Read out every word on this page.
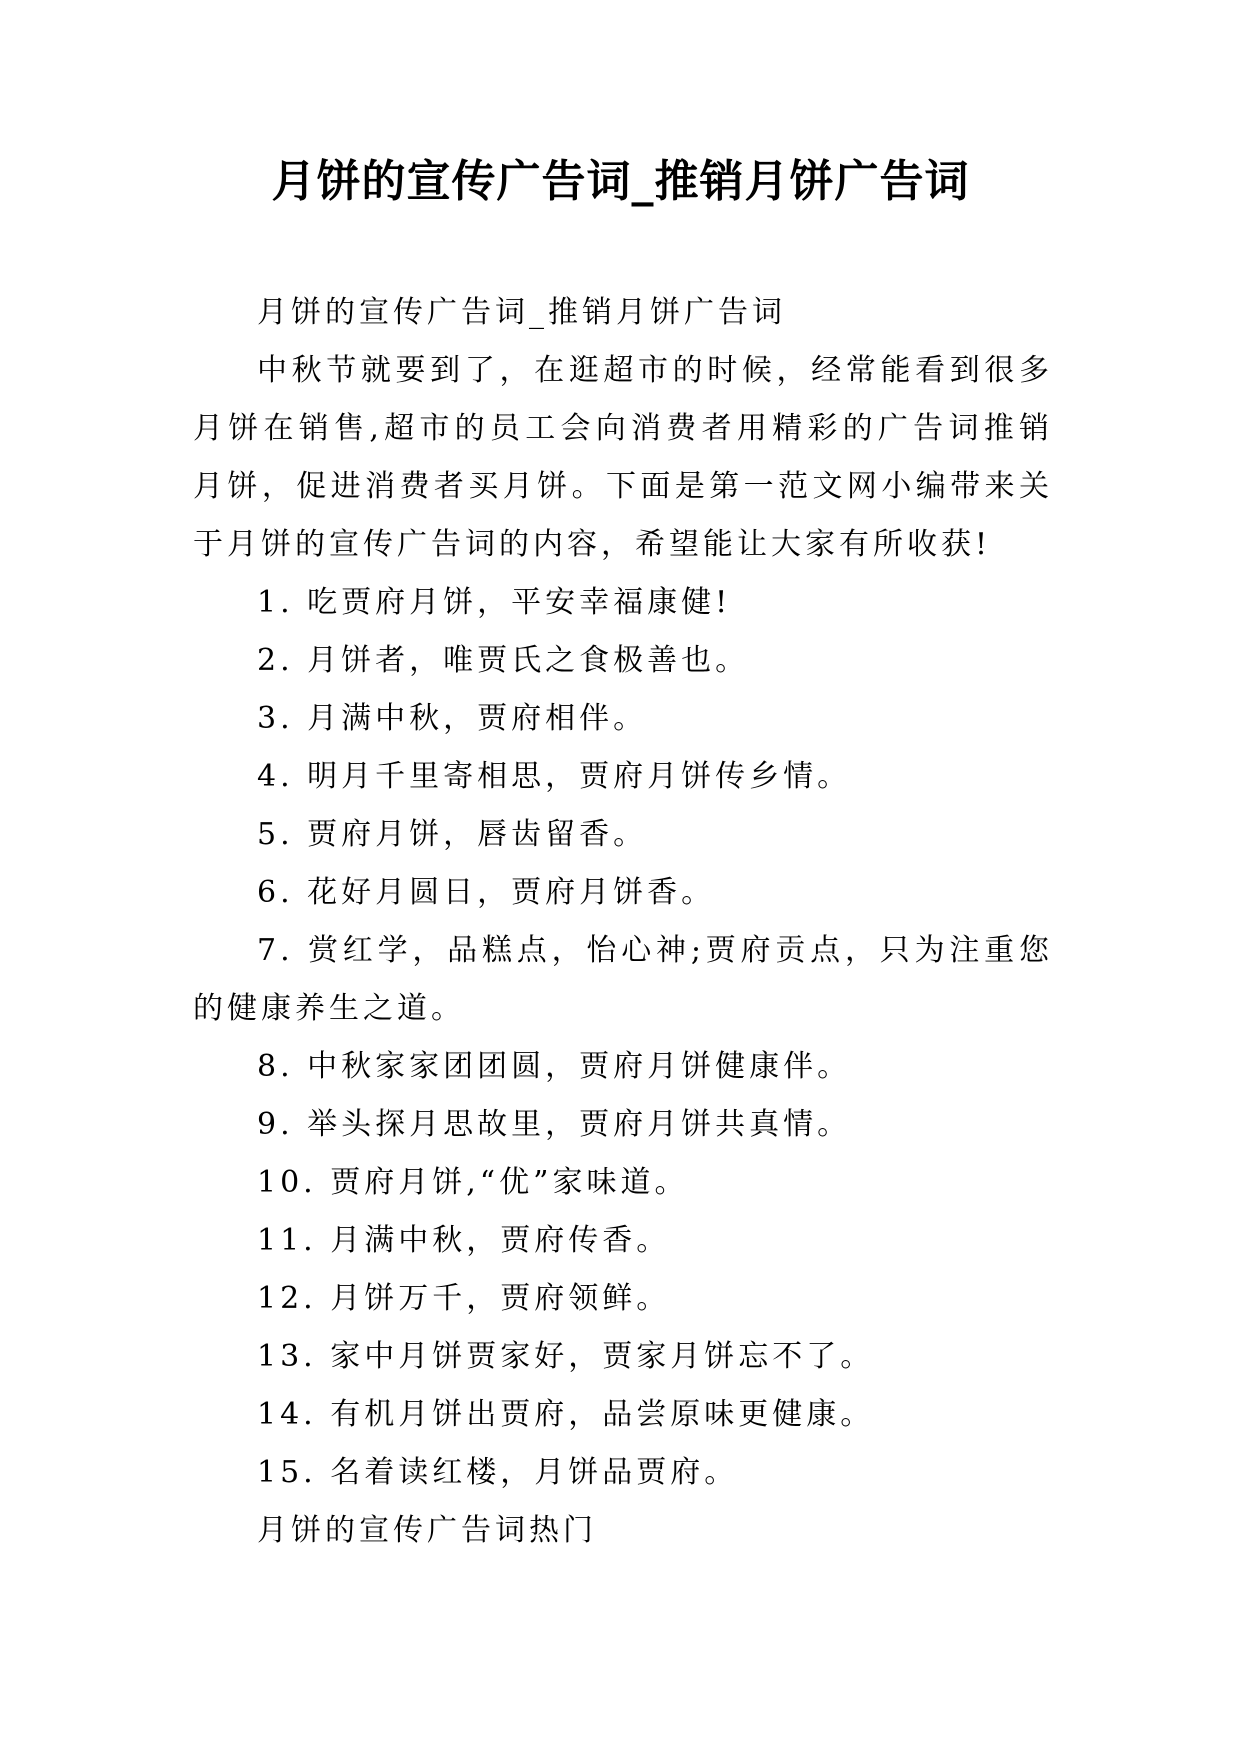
月饼的宣传广告词_推销月饼广告词

月饼的宣传广告词_推销月饼广告词

中秋节就要到了，在逛超市的时候，经常能看到很多月饼在销售,超市的员工会向消费者用精彩的广告词推销月饼，促进消费者买月饼。下面是第一范文网小编带来关于月饼的宣传广告词的内容，希望能让大家有所收获!

1. 吃贾府月饼，平安幸福康健!

2. 月饼者，唯贾氏之食极善也。

3. 月满中秋，贾府相伴。

4. 明月千里寄相思，贾府月饼传乡情。

5. 贾府月饼，唇齿留香。

6. 花好月圆日，贾府月饼香。

7. 赏红学，品糕点，怡心神;贾府贡点，只为注重您的健康养生之道。

8. 中秋家家团团圆，贾府月饼健康伴。

9. 举头探月思故里，贾府月饼共真情。

10. 贾府月饼,“优”家味道。

11. 月满中秋，贾府传香。

12. 月饼万千，贾府领鲜。

13. 家中月饼贾家好，贾家月饼忘不了。

14. 有机月饼出贾府，品尝原味更健康。

15. 名着读红楼，月饼品贾府。

月饼的宣传广告词热门
